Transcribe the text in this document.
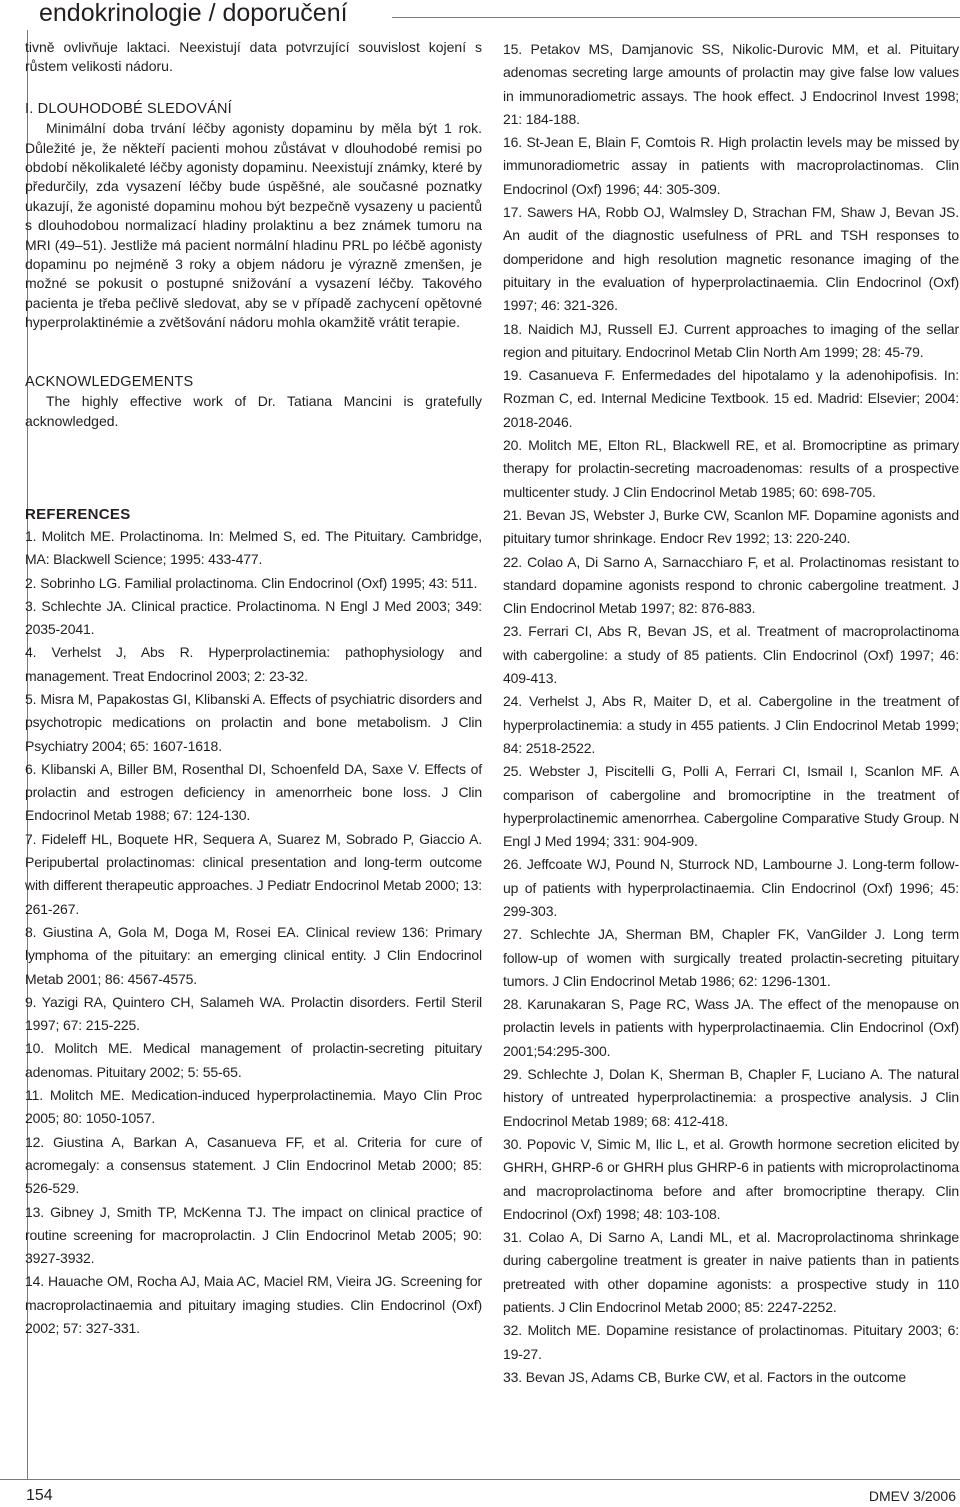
endokrinologie / doporučení

tivně ovlivňuje laktaci. Neexistují data potvrzující souvislost kojení s růstem velikosti nádoru.

I. DLOUHODOBÉ SLEDOVÁNÍ

Minimální doba trvání léčby agonisty dopaminu by měla být 1 rok. Důležité je, že někteří pacienti mohou zůstávat v dlouhodobé remisi po období několikaleté léčby agonisty dopaminu. Neexistují známky, které by předurčily, zda vysazení léčby bude úspěšné, ale současné poznatky ukazují, že agonisté dopaminu mohou být bezpečně vysazeny u pacientů s dlouhodobou normalizací hladiny prolaktinu a bez známek tumoru na MRI (49–51). Jestliže má pacient normální hladinu PRL po léčbě agonisty dopaminu po nejméně 3 roky a objem nádoru je výrazně zmenšen, je možné se pokusit o postupné snižování a vysazení léčby. Takového pacienta je třeba pečlivě sledovat, aby se v případě zachycení opětovné hyperprolaktinémie a zvětšování nádoru mohla okamžitě vrátit terapie.

ACKNOWLEDGEMENTS

The highly effective work of Dr. Tatiana Mancini is gratefully acknowledged.

REFERENCES

1. Molitch ME. Prolactinoma. In: Melmed S, ed. The Pituitary. Cambridge, MA: Blackwell Science; 1995: 433-477.

2. Sobrinho LG. Familial prolactinoma. Clin Endocrinol (Oxf) 1995; 43: 511.

3. Schlechte JA. Clinical practice. Prolactinoma. N Engl J Med 2003; 349: 2035-2041.

4. Verhelst J, Abs R. Hyperprolactinemia: pathophysiology and management. Treat Endocrinol 2003; 2: 23-32.

5. Misra M, Papakostas GI, Klibanski A. Effects of psychiatric disorders and psychotropic medications on prolactin and bone metabolism. J Clin Psychiatry 2004; 65: 1607-1618.

6. Klibanski A, Biller BM, Rosenthal DI, Schoenfeld DA, Saxe V. Effects of prolactin and estrogen deficiency in amenorrheic bone loss. J Clin Endocrinol Metab 1988; 67: 124-130.

7. Fideleff HL, Boquete HR, Sequera A, Suarez M, Sobrado P, Giaccio A. Peripubertal prolactinomas: clinical presentation and long-term outcome with different therapeutic approaches. J Pediatr Endocrinol Metab 2000; 13: 261-267.

8. Giustina A, Gola M, Doga M, Rosei EA. Clinical review 136: Primary lymphoma of the pituitary: an emerging clinical entity. J Clin Endocrinol Metab 2001; 86: 4567-4575.

9. Yazigi RA, Quintero CH, Salameh WA. Prolactin disorders. Fertil Steril 1997; 67: 215-225.

10. Molitch ME. Medical management of prolactin-secreting pituitary adenomas. Pituitary 2002; 5: 55-65.

11. Molitch ME. Medication-induced hyperprolactinemia. Mayo Clin Proc 2005; 80: 1050-1057.

12. Giustina A, Barkan A, Casanueva FF, et al. Criteria for cure of acromegaly: a consensus statement. J Clin Endocrinol Metab 2000; 85: 526-529.

13. Gibney J, Smith TP, McKenna TJ. The impact on clinical practice of routine screening for macroprolactin. J Clin Endocrinol Metab 2005; 90: 3927-3932.

14. Hauache OM, Rocha AJ, Maia AC, Maciel RM, Vieira JG. Screening for macroprolactinaemia and pituitary imaging studies. Clin Endocrinol (Oxf) 2002; 57: 327-331.

15. Petakov MS, Damjanovic SS, Nikolic-Durovic MM, et al. Pituitary adenomas secreting large amounts of prolactin may give false low values in immunoradiometric assays. The hook effect. J Endocrinol Invest 1998; 21: 184-188.

16. St-Jean E, Blain F, Comtois R. High prolactin levels may be missed by immunoradiometric assay in patients with macroprolactinomas. Clin Endocrinol (Oxf) 1996; 44: 305-309.

17. Sawers HA, Robb OJ, Walmsley D, Strachan FM, Shaw J, Bevan JS. An audit of the diagnostic usefulness of PRL and TSH responses to domperidone and high resolution magnetic resonance imaging of the pituitary in the evaluation of hyperprolactinaemia. Clin Endocrinol (Oxf) 1997; 46: 321-326.

18. Naidich MJ, Russell EJ. Current approaches to imaging of the sellar region and pituitary. Endocrinol Metab Clin North Am 1999; 28: 45-79.

19. Casanueva F. Enfermedades del hipotalamo y la adenohipofisis. In: Rozman C, ed. Internal Medicine Textbook. 15 ed. Madrid: Elsevier; 2004: 2018-2046.

20. Molitch ME, Elton RL, Blackwell RE, et al. Bromocriptine as primary therapy for prolactin-secreting macroadenomas: results of a prospective multicenter study. J Clin Endocrinol Metab 1985; 60: 698-705.

21. Bevan JS, Webster J, Burke CW, Scanlon MF. Dopamine agonists and pituitary tumor shrinkage. Endocr Rev 1992; 13: 220-240.

22. Colao A, Di Sarno A, Sarnacchiaro F, et al. Prolactinomas resistant to standard dopamine agonists respond to chronic cabergoline treatment. J Clin Endocrinol Metab 1997; 82: 876-883.

23. Ferrari CI, Abs R, Bevan JS, et al. Treatment of macroprolactinoma with cabergoline: a study of 85 patients. Clin Endocrinol (Oxf) 1997; 46: 409-413.

24. Verhelst J, Abs R, Maiter D, et al. Cabergoline in the treatment of hyperprolactinemia: a study in 455 patients. J Clin Endocrinol Metab 1999; 84: 2518-2522.

25. Webster J, Piscitelli G, Polli A, Ferrari CI, Ismail I, Scanlon MF. A comparison of cabergoline and bromocriptine in the treatment of hyperprolactinemic amenorrhea. Cabergoline Comparative Study Group. N Engl J Med 1994; 331: 904-909.

26. Jeffcoate WJ, Pound N, Sturrock ND, Lambourne J. Long-term follow-up of patients with hyperprolactinaemia. Clin Endocrinol (Oxf) 1996; 45: 299-303.

27. Schlechte JA, Sherman BM, Chapler FK, VanGilder J. Long term follow-up of women with surgically treated prolactin-secreting pituitary tumors. J Clin Endocrinol Metab 1986; 62: 1296-1301.

28. Karunakaran S, Page RC, Wass JA. The effect of the menopause on prolactin levels in patients with hyperprolactinaemia. Clin Endocrinol (Oxf) 2001;54:295-300.

29. Schlechte J, Dolan K, Sherman B, Chapler F, Luciano A. The natural history of untreated hyperprolactinemia: a prospective analysis. J Clin Endocrinol Metab 1989; 68: 412-418.

30. Popovic V, Simic M, Ilic L, et al. Growth hormone secretion elicited by GHRH, GHRP-6 or GHRH plus GHRP-6 in patients with microprolactinoma and macroprolactinoma before and after bromocriptine therapy. Clin Endocrinol (Oxf) 1998; 48: 103-108.

31. Colao A, Di Sarno A, Landi ML, et al. Macroprolactinoma shrinkage during cabergoline treatment is greater in naive patients than in patients pretreated with other dopamine agonists: a prospective study in 110 patients. J Clin Endocrinol Metab 2000; 85: 2247-2252.

32. Molitch ME. Dopamine resistance of prolactinomas. Pituitary 2003; 6: 19-27.

33. Bevan JS, Adams CB, Burke CW, et al. Factors in the outcome

154	DMEV 3/2006
